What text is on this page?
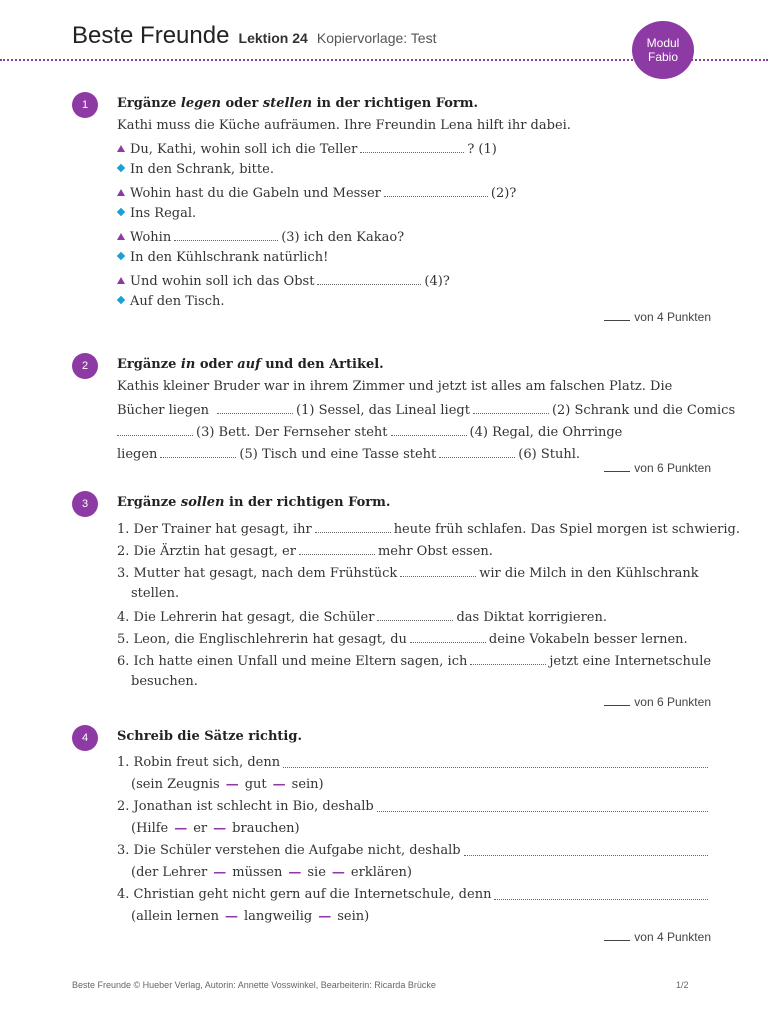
Beste Freunde Lektion 24 Kopiervorlage: Test	Modul
Fabio
1	Ergänze legen oder stellen in der richtigen Form.
Kathi muss die Küche aufräumen. Ihre Freundin Lena hilft ihr dabei.
Du, Kathi, wohin soll ich die Teller	? (1)
In den Schrank, bitte.
Wohin hast du die Gabeln und Messer	(2)?
Ins Regal.
Wohin	(3) ich den Kakao?
In den Kühlschrank natürlich!
Und wohin soll ich das Obst	(4)?
Auf den Tisch.
von 4 Punkten
2	Ergänze in oder auf und den Artikel.
Kathis kleiner Bruder war in ihrem Zimmer und jetzt ist alles am falschen Platz. Die
Bücher liegen	(1) Sessel, das Lineal liegt	(2) Schrank und die Comics
(3) Bett. Der Fernseher steht	(4) Regal, die Ohrringe
liegen	(5) Tisch und eine Tasse steht	(6) Stuhl.
von 6 Punkten
3	Ergänze sollen in der richtigen Form.
1. Der Trainer hat gesagt, ihr	heute früh schlafen. Das Spiel morgen ist schwierig.
2. Die Ärztin hat gesagt, er	mehr Obst essen.
3. Mutter hat gesagt, nach dem Frühstück	wir die Milch in den Kühlschrank
stellen.
4. Die Lehrerin hat gesagt, die Schüler	das Diktat korrigieren.
5. Leon, die Englischlehrerin hat gesagt, du	deine Vokabeln besser lernen.
6. Ich hatte einen Unfall und meine Eltern sagen, ich	jetzt eine Internetschule
besuchen.
von 6 Punkten
4	Schreib die Sätze richtig.
1.
Robin freut sich, denn
(sein Zeugnis — gut — sein)
2.
Jonathan ist schlecht in Bio, deshalb
(Hilfe — er — brauchen)
3.
Die Schüler verstehen die Aufgabe nicht, deshalb
(der Lehrer — müssen — sie — erklären)
4.
Christian geht nicht gern auf die Internetschule, denn
(allein lernen — langweilig — sein)
von 4 Punkten
Beste Freunde © Hueber Verlag, Autorin: Annette Vosswinkel, Bearbeiterin: Ricarda Brücke	1/2
